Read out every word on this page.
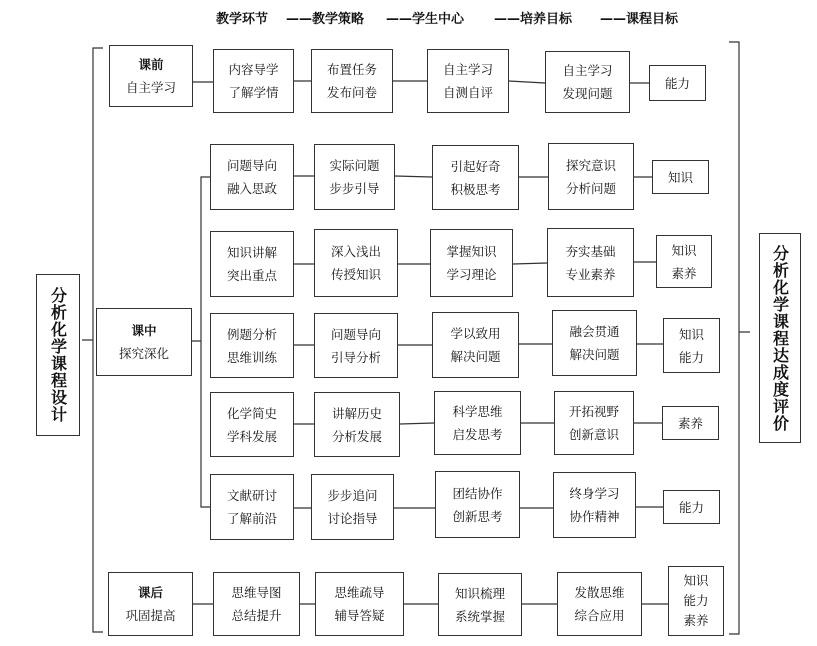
教学环节 ——教学策略 ——学生中心 ——培养目标 ——课程目标
分析化学课程设计	分析化学课程达成度评价
课前
自主学习
课中
探究深化
课后
巩固提高
内容导学
了解学情
布置任务
发布问卷
自主学习
自测自评
自主学习
发现问题
能力
问题导向
融入思政
实际问题
步步引导
引起好奇
积极思考
探究意识
分析问题
知识
知识讲解
突出重点
深入浅出
传授知识
掌握知识
学习理论
夯实基础
专业素养
知识
素养
例题分析
思维训练
问题导向
引导分析
学以致用
解决问题
融会贯通
解决问题
知识
能力
化学简史
学科发展
讲解历史
分析发展
科学思维
启发思考
开拓视野
创新意识
素养
文献研讨
了解前沿
步步追问
讨论指导
团结协作
创新思考
终身学习
协作精神
能力
思维导图
总结提升
思维疏导
辅导答疑
知识梳理
系统掌握
发散思维
综合应用
知识
能力
素养
